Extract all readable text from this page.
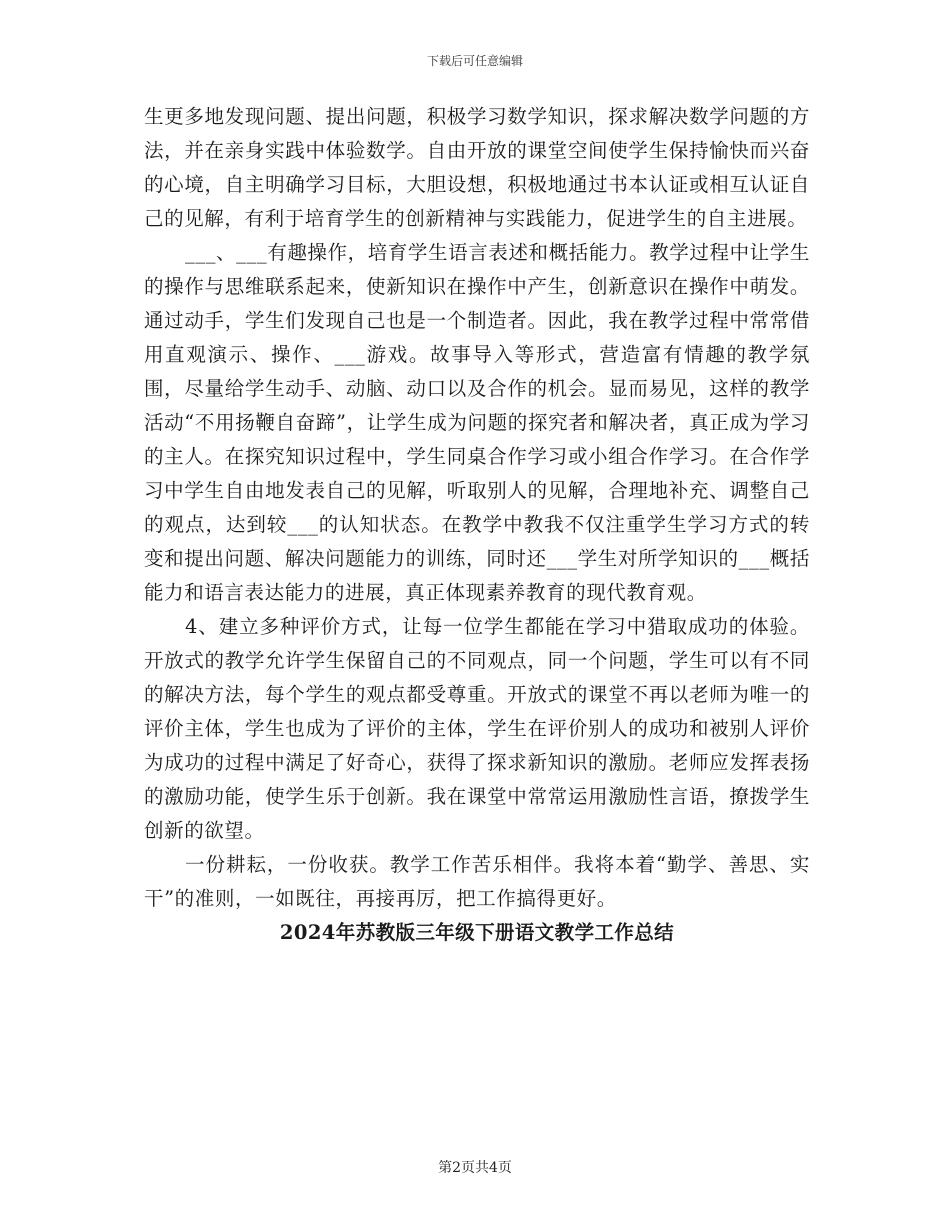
下载后可任意编辑

生更多地发现问题、提出问题，积极学习数学知识，探求解决数学问题的方法，并在亲身实践中体验数学。自由开放的课堂空间使学生保持愉快而兴奋的心境，自主明确学习目标，大胆设想，积极地通过书本认证或相互认证自己的见解，有利于培育学生的创新精神与实践能力，促进学生的自主进展。

___、___有趣操作，培育学生语言表述和概括能力。教学过程中让学生的操作与思维联系起来，使新知识在操作中产生，创新意识在操作中萌发。通过动手，学生们发现自己也是一个制造者。因此，我在教学过程中常常借用直观演示、操作、___游戏。故事导入等形式，营造富有情趣的教学氛围，尽量给学生动手、动脑、动口以及合作的机会。显而易见，这样的教学活动“不用扬鞭自奋蹄”，让学生成为问题的探究者和解决者，真正成为学习的主人。在探究知识过程中，学生同桌合作学习或小组合作学习。在合作学习中学生自由地发表自己的见解，听取别人的见解，合理地补充、调整自己的观点，达到较___的认知状态。在教学中教我不仅注重学生学习方式的转变和提出问题、解决问题能力的训练，同时还___学生对所学知识的___概括能力和语言表达能力的进展，真正体现素养教育的现代教育观。

4、建立多种评价方式，让每一位学生都能在学习中猎取成功的体验。开放式的教学允许学生保留自己的不同观点，同一个问题，学生可以有不同的解决方法，每个学生的观点都受尊重。开放式的课堂不再以老师为唯一的评价主体，学生也成为了评价的主体，学生在评价别人的成功和被别人评价为成功的过程中满足了好奇心，获得了探求新知识的激励。老师应发挥表扬的激励功能，使学生乐于创新。我在课堂中常常运用激励性言语，撩拨学生创新的欲望。

一份耕耘，一份收获。教学工作苦乐相伴。我将本着“勤学、善思、实干”的准则，一如既往，再接再厉，把工作搞得更好。

2024年苏教版三年级下册语文教学工作总结
第2页共4页
